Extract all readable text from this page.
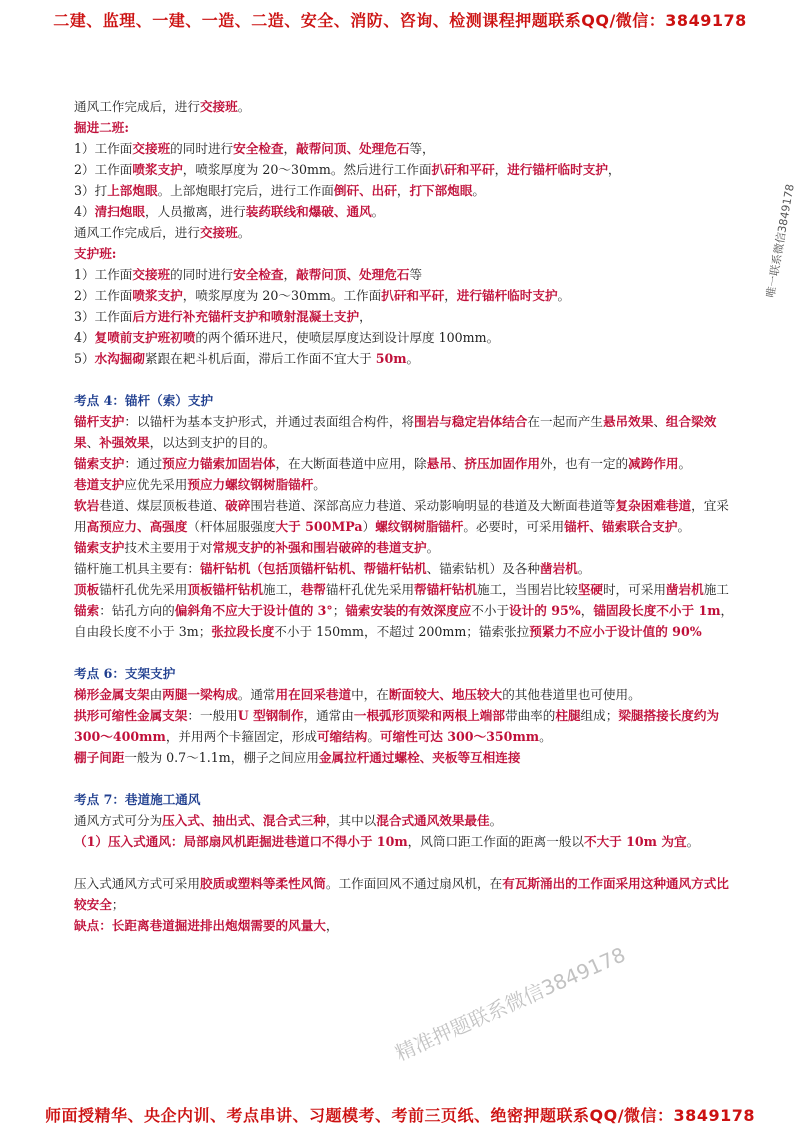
二建、监理、一建、一造、二造、安全、消防、咨询、检测课程押题联系QQ/微信：3849178
通风工作完成后，进行交接班。
掘进二班:
1）工作面交接班的同时进行安全检查，敲帮问顶、处理危石等，
2）工作面喷浆支护，喷浆厚度为 20～30mm。然后进行工作面扒矸和平矸，进行锚杆临时支护，
3）打上部炮眼。上部炮眼打完后，进行工作面倒矸、出矸，打下部炮眼。
4）清扫炮眼，人员撤离，进行装药联线和爆破、通风。
通风工作完成后，进行交接班。
支护班:
1）工作面交接班的同时进行安全检查，敲帮问顶、处理危石等
2）工作面喷浆支护，喷浆厚度为 20～30mm。工作面扒矸和平矸，进行锚杆临时支护。
3）工作面后方进行补充锚杆支护和喷射混凝土支护，
4）复喷前支护班初喷的两个循环进尺，使喷层厚度达到设计厚度 100mm。
5）水沟掘砌紧跟在耙斗机后面，滞后工作面不宜大于 50m。
考点 4：锚杆（索）支护
锚杆支护：以锚杆为基本支护形式，并通过表面组合构件，将围岩与稳定岩体结合在一起而产生悬吊效果、组合梁效果、补强效果，以达到支护的目的。
锚索支护：通过预应力锚索加固岩体，在大断面巷道中应用，除悬吊、挤压加固作用外，也有一定的减跨作用。
巷道支护应优先采用预应力螺纹钢树脂锚杆。
软岩巷道、煤层顶板巷道、破碎围岩巷道、深部高应力巷道、采动影响明显的巷道及大断面巷道等复杂困难巷道，宜采用高预应力、高强度（杆体屈服强度大于 500MPa）螺纹钢树脂锚杆。必要时，可采用锚杆、锚索联合支护。
锚索支护技术主要用于对常规支护的补强和围岩破碎的巷道支护。
锚杆施工机具主要有：锚杆钻机（包括顶锚杆钻机、帮锚杆钻机、锚索钻机）及各种凿岩机。
顶板锚杆孔优先采用顶板锚杆钻机施工，巷帮锚杆孔优先采用帮锚杆钻机施工，当围岩比较坚硬时，可采用凿岩机施工
锚索：钻孔方向的偏斜角不应大于设计值的 3°；锚索安装的有效深度应不小于设计的 95%，锚固段长度不小于 1m，自由段长度不小于 3m；张拉段长度不小于 150mm，不超过 200mm；锚索张拉预紧力不应小于设计值的 90%
考点 6：支架支护
梯形金属支架由两腿一梁构成。通常用在回采巷道中，在断面较大、地压较大的其他巷道里也可使用。
拱形可缩性金属支架：一般用U 型钢制作，通常由一根弧形顶梁和两根上端部带曲率的柱腿组成；梁腿搭接长度约为 300～400mm，并用两个卡箍固定，形成可缩结构。可缩性可达 300～350mm。
棚子间距一般为 0.7～1.1m，棚子之间应用金属拉杆通过螺栓、夹板等互相连接
考点 7：巷道施工通风
通风方式可分为压入式、抽出式、混合式三种，其中以混合式通风效果最佳。
（1）压入式通风：局部扇风机距掘进巷道口不得小于 10m，风筒口距工作面的距离一般以不大于 10m 为宜。
压入式通风方式可采用胶质或塑料等柔性风筒。工作面回风不通过扇风机，在有瓦斯涌出的工作面采用这种通风方式比较安全；
缺点：长距离巷道掘进排出炮烟需要的风量大，
唯一联系微信3849178
精准押题联系微信3849178
师面授精华、央企内训、考点串讲、习题模考、考前三页纸、绝密押题联系QQ/微信：3849178
